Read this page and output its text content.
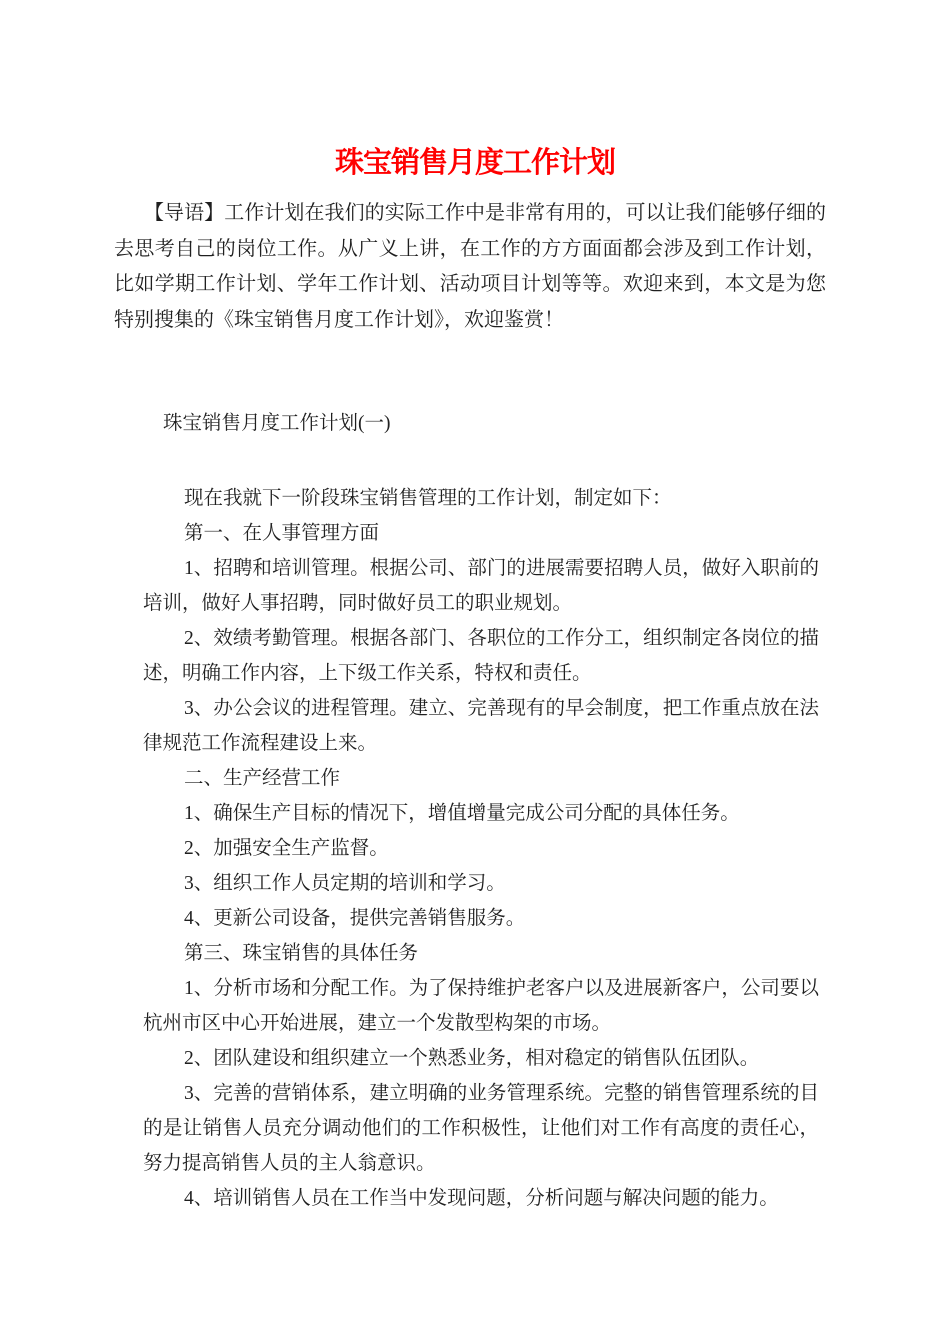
珠宝销售月度工作计划

【导语】工作计划在我们的实际工作中是非常有用的，可以让我们能够仔细的去思考自己的岗位工作。从广义上讲，在工作的方方面面都会涉及到工作计划，比如学期工作计划、学年工作计划、活动项目计划等等。欢迎来到，本文是为您特别搜集的《珠宝销售月度工作计划》，欢迎鉴赏！

珠宝销售月度工作计划(一)

现在我就下一阶段珠宝销售管理的工作计划，制定如下：

第一、在人事管理方面

1、招聘和培训管理。根据公司、部门的进展需要招聘人员，做好入职前的培训，做好人事招聘，同时做好员工的职业规划。

2、效绩考勤管理。根据各部门、各职位的工作分工，组织制定各岗位的描述，明确工作内容，上下级工作关系，特权和责任。

3、办公会议的进程管理。建立、完善现有的早会制度，把工作重点放在法律规范工作流程建设上来。

二、生产经营工作

1、确保生产目标的情况下，增值增量完成公司分配的具体任务。

2、加强安全生产监督。

3、组织工作人员定期的培训和学习。

4、更新公司设备，提供完善销售服务。

第三、珠宝销售的具体任务

1、分析市场和分配工作。为了保持维护老客户以及进展新客户，公司要以杭州市区中心开始进展，建立一个发散型构架的市场。

2、团队建设和组织建立一个熟悉业务，相对稳定的销售队伍团队。

3、完善的营销体系，建立明确的业务管理系统。完整的销售管理系统的目的是让销售人员充分调动他们的工作积极性，让他们对工作有高度的责任心，努力提高销售人员的主人翁意识。

4、培训销售人员在工作当中发现问题，分析问题与解决问题的能力。
